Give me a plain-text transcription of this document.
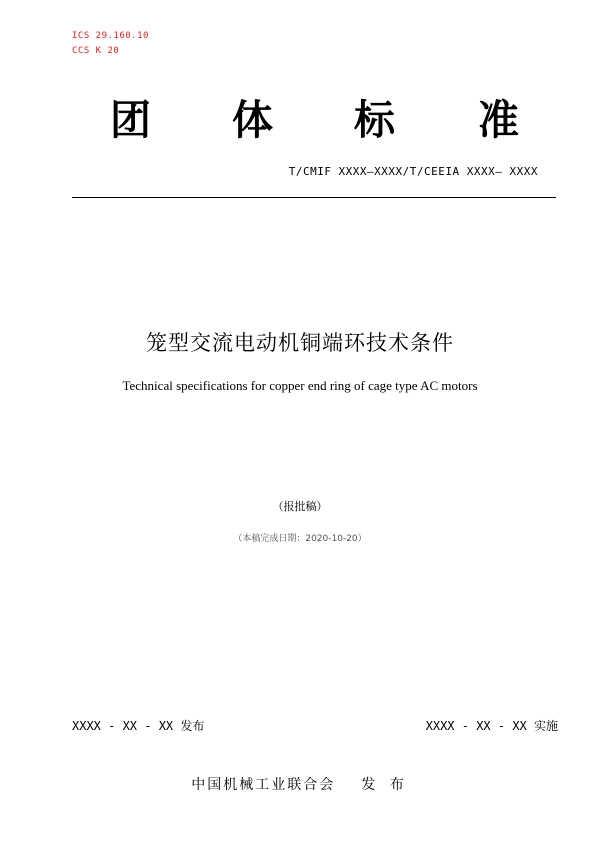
ICS 29.160.10
CCS K 20
团 体 标 准
T/CMIF XXXX—XXXX/T/CEEIA XXXX— XXXX
笼型交流电动机铜端环技术条件
Technical specifications for copper end ring of cage type AC motors
（报批稿）
（本稿完成日期：2020-10-20）
XXXX - XX - XX 发布	XXXX - XX - XX 实施
中国机械工业联合会 发 布
